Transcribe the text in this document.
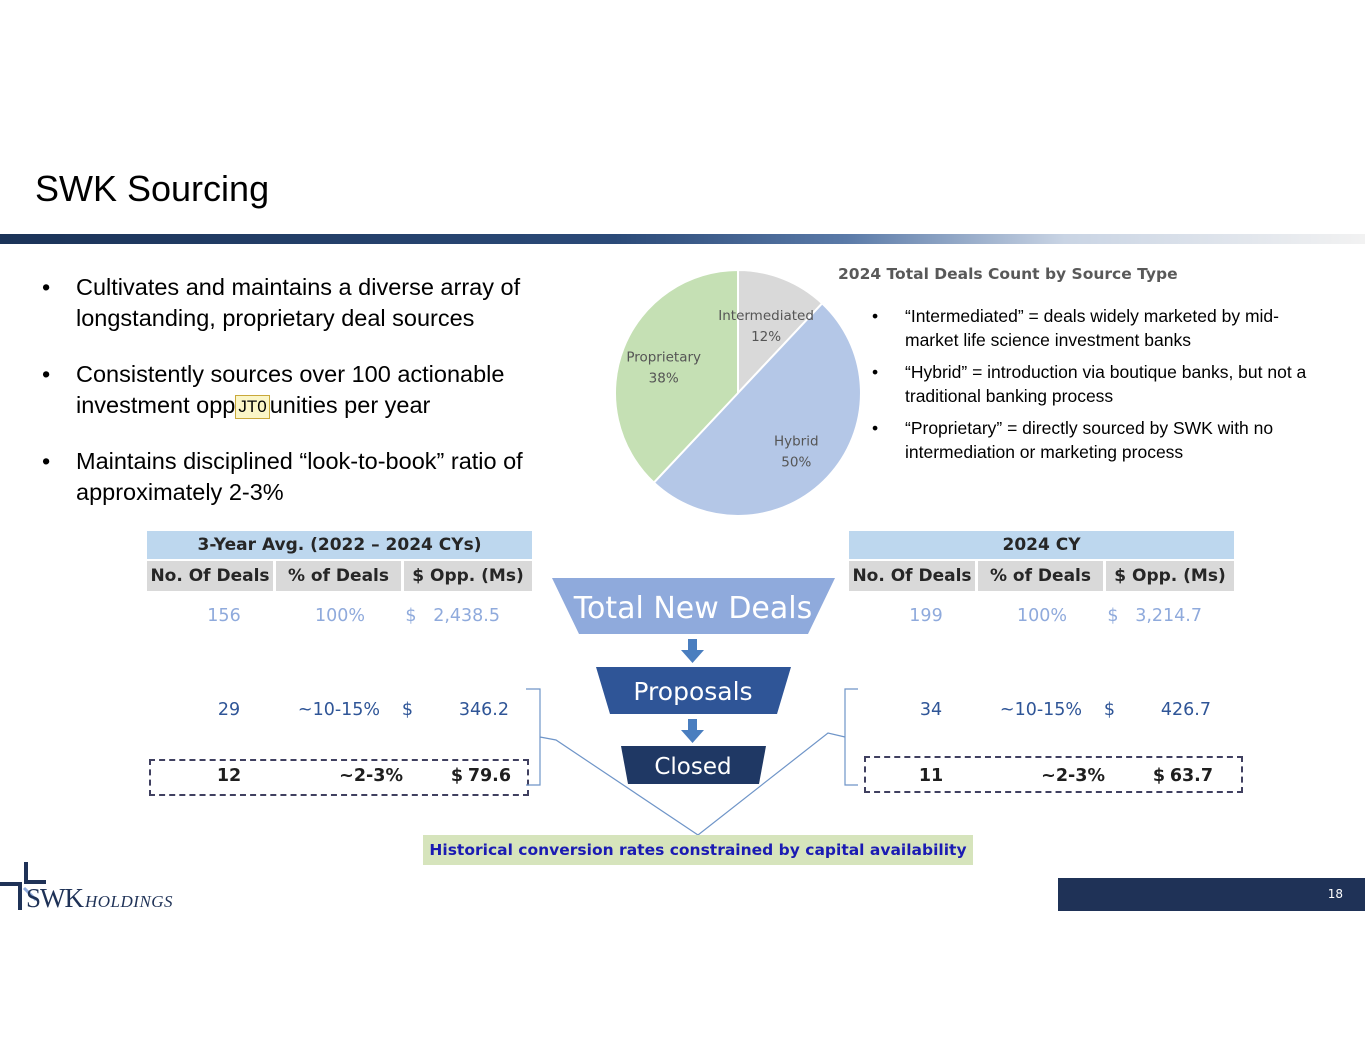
SWK Sourcing
• Cultivates and maintains a diverse array of longstanding, proprietary deal sources
• Consistently sources over 100 actionable investment opp JT0 unities per year
• Maintains disciplined “look-to-book” ratio of approximately 2-3%
Intermediated
12%
Hybrid
50%
Proprietary
38%
2024 Total Deals Count by Source Type
• “Intermediated” = deals widely marketed by mid-market life science investment banks
• “Hybrid” = introduction via boutique banks, but not a traditional banking process
• “Proprietary” = directly sourced by SWK with no intermediation or marketing process
3-Year Avg. (2022 – 2024 CYs)
No. Of Deals	% of Deals	$ Opp. (Ms)
156	100%	$ 2,438.5
29	~10-15%	$	346.2
12	~2-3%	$ 79.6
2024 CY
No. Of Deals	% of Deals	$ Opp. (Ms)
199	100%	$ 3,214.7
34	~10-15%	$	426.7
11	~2-3%	$ 63.7
Total New Deals
Proposals
Closed
Historical conversion rates constrained by capital availability
18
SWK HOLDINGS
